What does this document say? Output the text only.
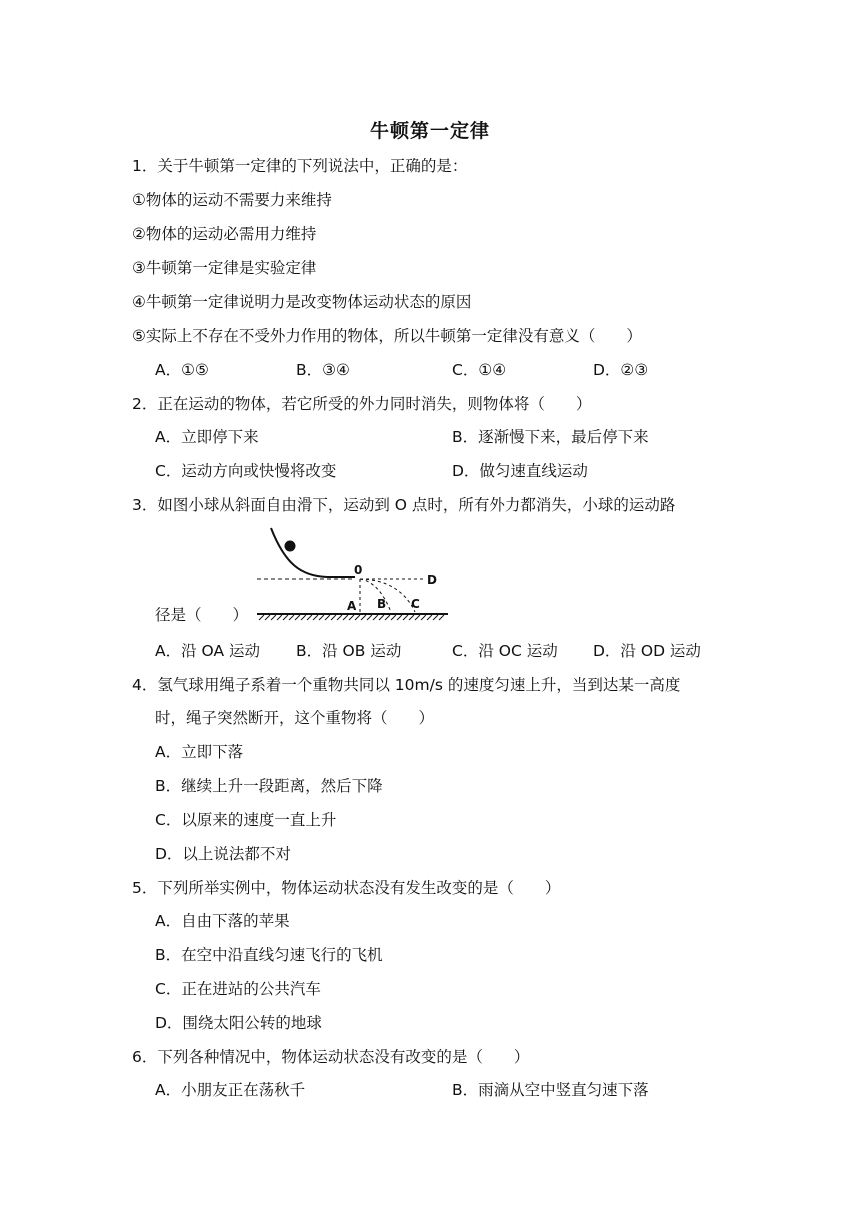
牛顿第一定律
1．关于牛顿第一定律的下列说法中，正确的是：
①物体的运动不需要力来维持
②物体的运动必需用力维持
③牛顿第一定律是实验定律
④牛顿第一定律说明力是改变物体运动状态的原因
⑤实际上不存在不受外力作用的物体，所以牛顿第一定律没有意义（　　）
A．①⑤	B．③④	C．①④	D．②③
2．正在运动的物体，若它所受的外力同时消失，则物体将（　　）
A．立即停下来	B．逐渐慢下来，最后停下来
C．运动方向或快慢将改变	D．做匀速直线运动
3．如图小球从斜面自由滑下，运动到 O 点时，所有外力都消失，小球的运动路
0
D
A B C
径是（　　）
A．沿 OA 运动 B．沿 OB 运动	C．沿 OC 运动 D．沿 OD 运动
4．氢气球用绳子系着一个重物共同以 10m/s 的速度匀速上升，当到达某一高度
时，绳子突然断开，这个重物将（　　）
A．立即下落
B．继续上升一段距离，然后下降
C．以原来的速度一直上升
D．以上说法都不对
5．下列所举实例中，物体运动状态没有发生改变的是（　　）
A．自由下落的苹果
B．在空中沿直线匀速飞行的飞机
C．正在进站的公共汽车
D．围绕太阳公转的地球
6．下列各种情况中，物体运动状态没有改变的是（　　）
A．小朋友正在荡秋千	B．雨滴从空中竖直匀速下落
